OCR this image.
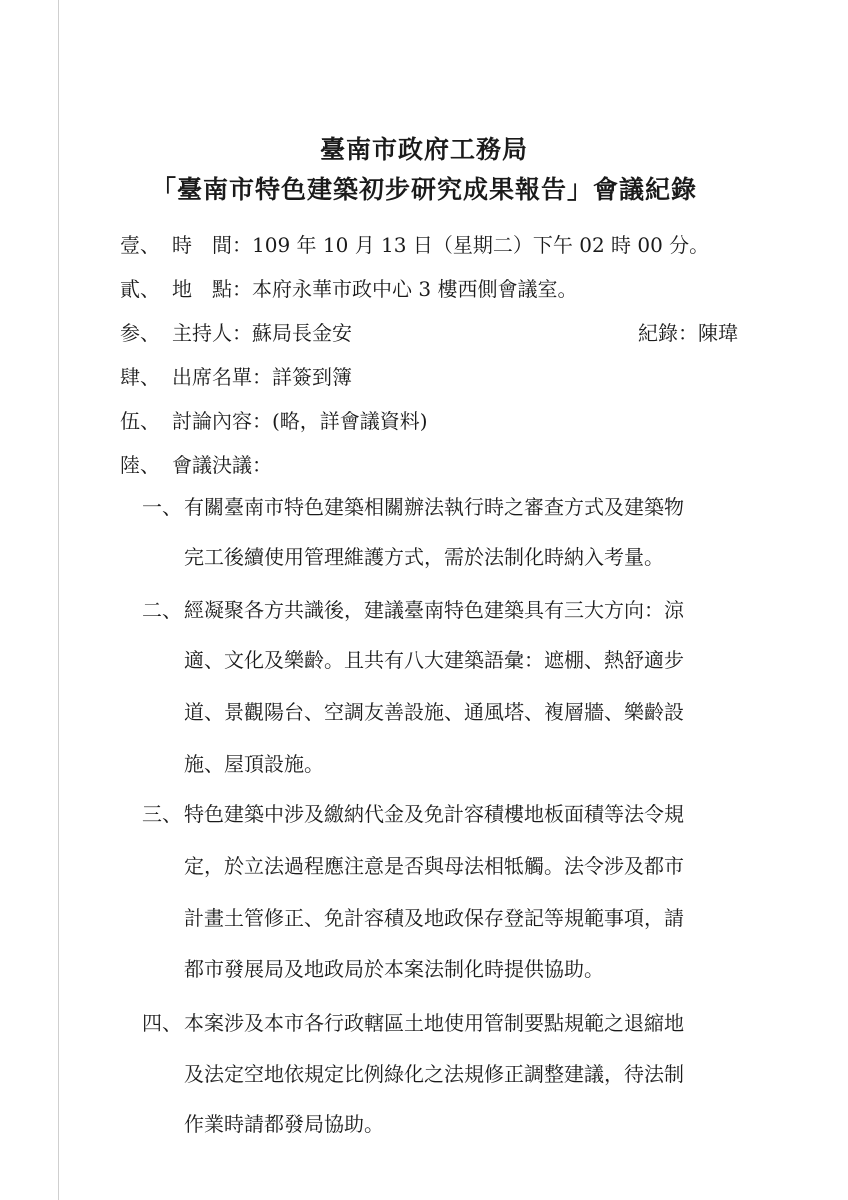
臺南市政府工務局
「臺南市特色建築初步研究成果報告」會議紀錄
壹、 時　間：109 年 10 月 13 日（星期二）下午 02 時 00 分。
貳、 地　點：本府永華市政中心 3 樓西側會議室。
参、 主持人：蘇局長金安	紀錄：陳瑋
肆、 出席名單：詳簽到簿
伍、 討論內容：(略，詳會議資料)
陸、 會議決議：
一、 有關臺南市特色建築相關辦法執行時之審查方式及建築物
完工後續使用管理維護方式，需於法制化時納入考量。
二、 經凝聚各方共識後，建議臺南特色建築具有三大方向：涼
適、文化及樂齡。且共有八大建築語彙：遮棚、熱舒適步
道、景觀陽台、空調友善設施、通風塔、複層牆、樂齡設
施、屋頂設施。
三、 特色建築中涉及繳納代金及免計容積樓地板面積等法令規
定，於立法過程應注意是否與母法相牴觸。法令涉及都市
計畫土管修正、免計容積及地政保存登記等規範事項，請
都市發展局及地政局於本案法制化時提供協助。
四、 本案涉及本市各行政轄區土地使用管制要點規範之退縮地
及法定空地依規定比例綠化之法規修正調整建議，待法制
作業時請都發局協助。
